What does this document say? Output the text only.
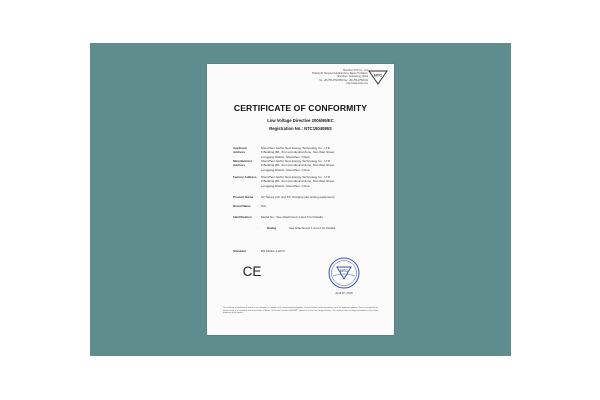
Shenzhen NTC Co., Ltd.
Building B, Hongwei Industrial Zone, Baoan 70 District,
Shenzhen, Guangdong, China
Tel: +86-755-27521059 Fax: +86-755-27521011
http://www.szntc.com
NTC
CERTIFICATE OF CONFORMITY
Low Voltage Directive 2006/95/EC
Registration No.: NTC1504086S
Applicant Address
:	ShenZhen SeiTer New Energy Technology Co., LTD
6 Building (B1, Xin Lai Industrial Zone, Nan Wan Street,
Longgang District, ShenZhen, China
Manufacturer Address
:	ShenZhen SeiTer New Energy Technology Co., LTD
6 Building (B1, Xin Lai Industrial Zone, Nan Wan Street,
Longgang District, ShenZhen, China
Factory Address :	ShenZhen SeiTer New Energy Technology Co., LTD
6 Building (B1, Xin Lai Industrial Zone, Nan Wan Street,
Longgang District, ShenZhen, China
Product Name	:	ST Series (AC and DC charging pile testing equipment)
Brand Name	:	N/A
Identification	:	Model No.: See Attachment 1 and 2 for Details
Rating
:	See Attachment 1 and 2 for Details
Standard	:	EN 61010-1:2010
CE	NTC
April 07, 2015
The certificate of conformity is based on an evaluation of a sample of the above-mentioned product. Technical report and documentation are at the applicant's disposal. This is to certify that the tested sample is in conformity with all provisions of Annex I of Council Directive 2006/95/EC, referred to as the Low Voltage Directive. The certificate does not imply assessment of the series-production of the product.
